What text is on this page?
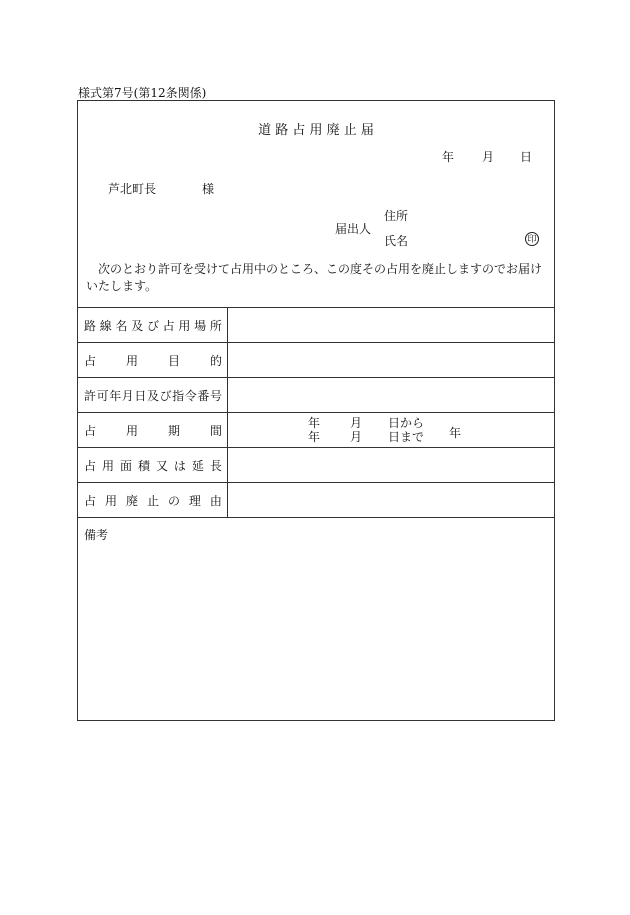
様式第7号(第12条関係)
道 路 占 用 廃 止 届
年 月 日
芦北町長	様
届出人
住所
氏名	印
次のとおり許可を受けて占用中のところ、この度その占用を廃止しますのでお届けいたします。
路 線 名 及 び 占 用 場 所
占 用 目 的
許 可 年 月 日 及 び 指 令 番 号
占 用 期 間
年	月 日から
年	月 日まで 年
占 用 面 積 又 は 延 長
占 用 廃 止 の 理 由
備考
